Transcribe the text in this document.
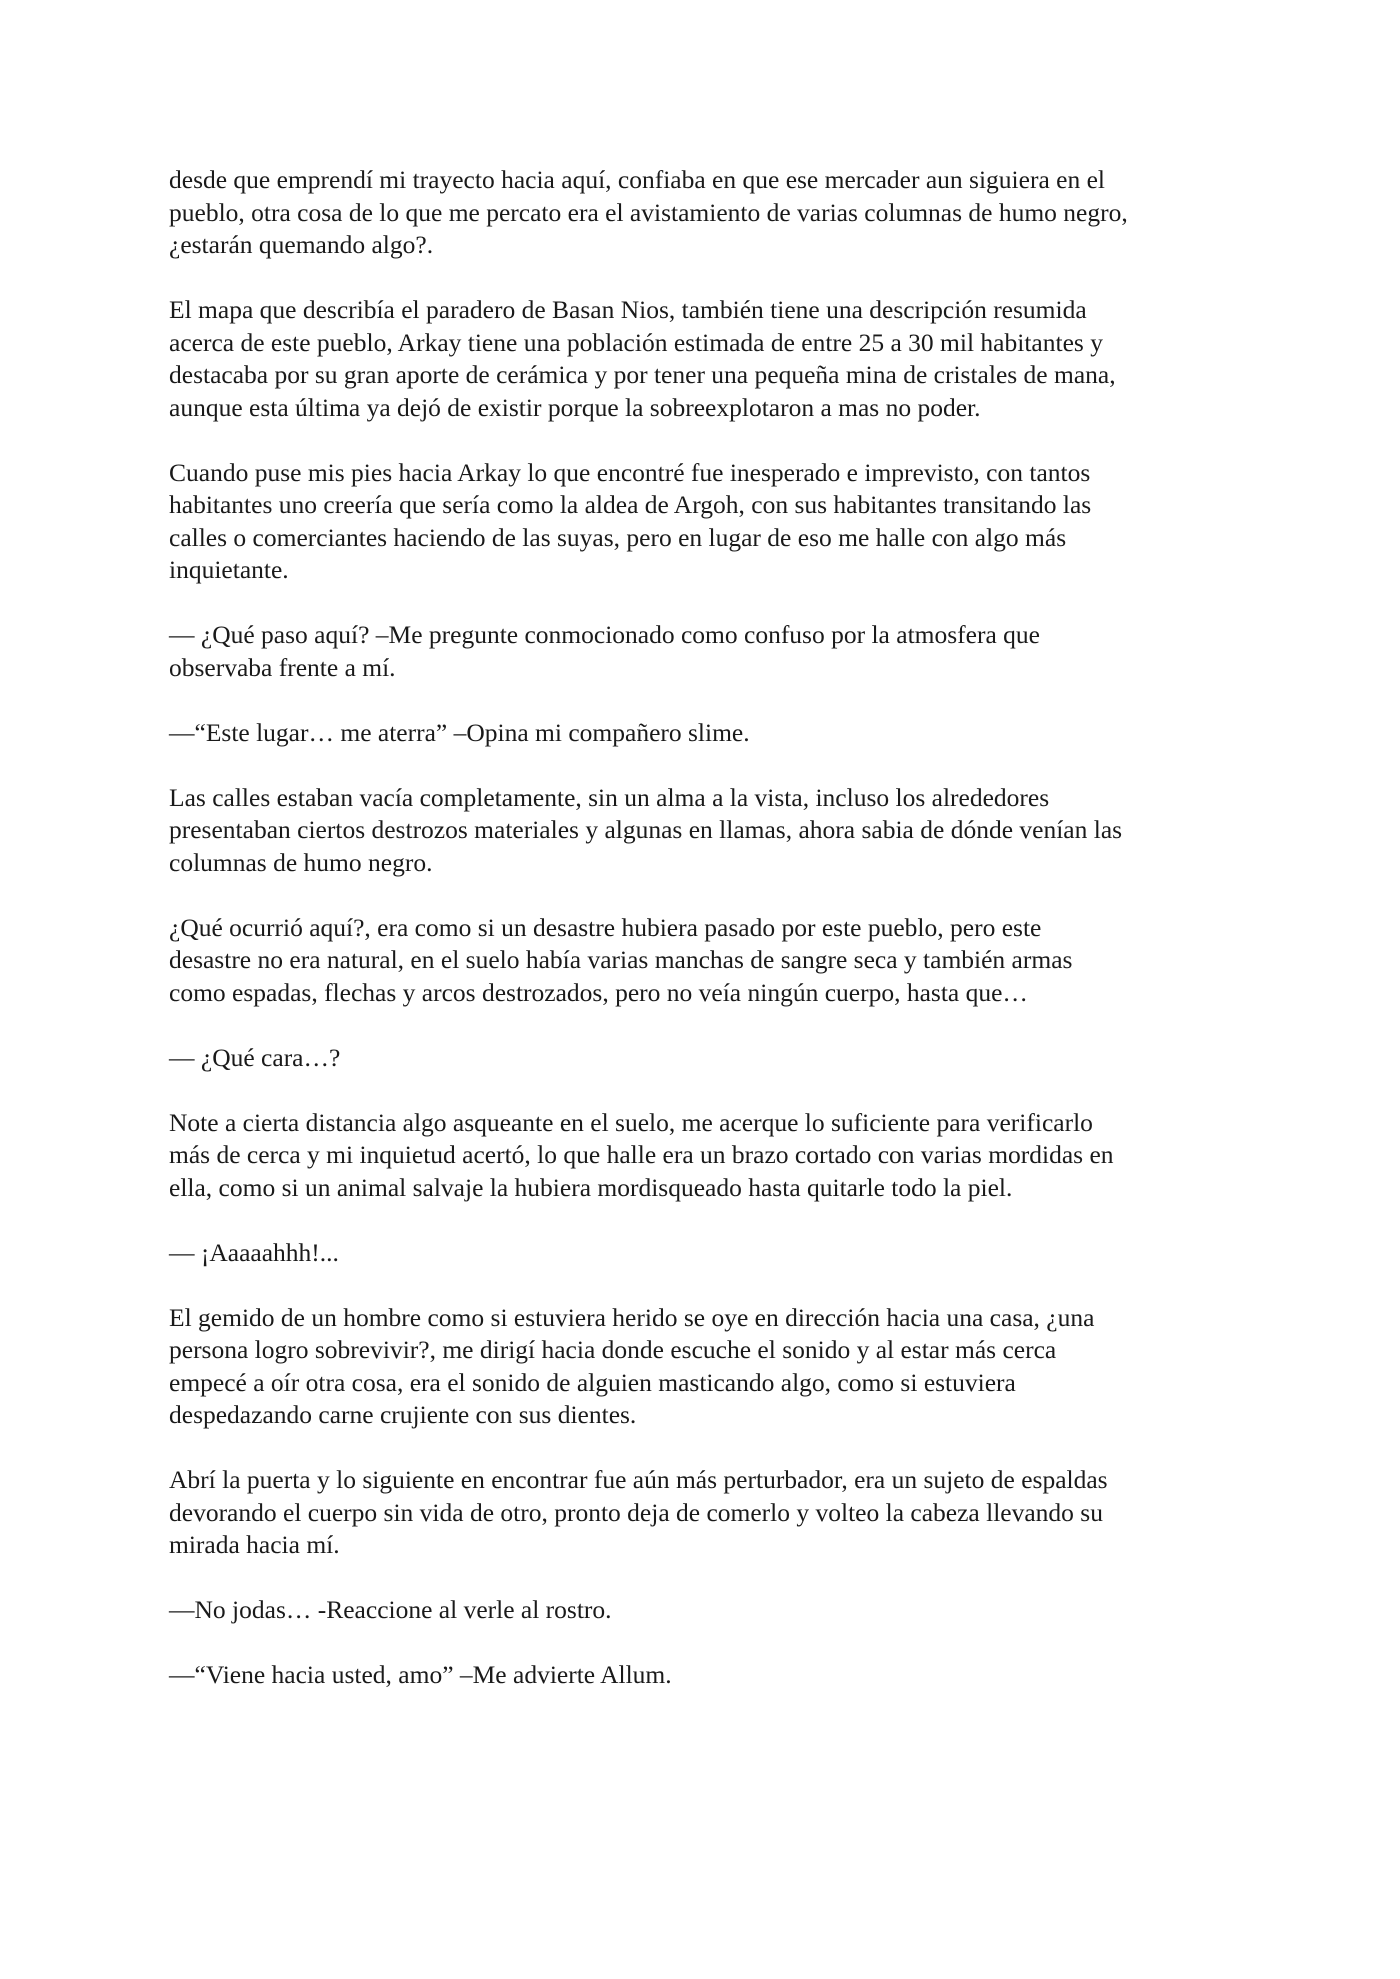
desde que emprendí mi trayecto hacia aquí, confiaba en que ese mercader aun siguiera en el
pueblo, otra cosa de lo que me percato era el avistamiento de varias columnas de humo negro,
¿estarán quemando algo?.

El mapa que describía el paradero de Basan Nios, también tiene una descripción resumida
acerca de este pueblo, Arkay tiene una población estimada de entre 25 a 30 mil habitantes y
destacaba por su gran aporte de cerámica y por tener una pequeña mina de cristales de mana,
aunque esta última ya dejó de existir porque la sobreexplotaron a mas no poder.

Cuando puse mis pies hacia Arkay lo que encontré fue inesperado e imprevisto, con tantos
habitantes uno creería que sería como la aldea de Argoh, con sus habitantes transitando las
calles o comerciantes haciendo de las suyas, pero en lugar de eso me halle con algo más
inquietante.

— ¿Qué paso aquí? –Me pregunte conmocionado como confuso por la atmosfera que
observaba frente a mí.

—“Este lugar… me aterra” –Opina mi compañero slime.

Las calles estaban vacía completamente, sin un alma a la vista, incluso los alrededores
presentaban ciertos destrozos materiales y algunas en llamas, ahora sabia de dónde venían las
columnas de humo negro.

¿Qué ocurrió aquí?, era como si un desastre hubiera pasado por este pueblo, pero este
desastre no era natural, en el suelo había varias manchas de sangre seca y también armas
como espadas, flechas y arcos destrozados, pero no veía ningún cuerpo, hasta que…

— ¿Qué cara…?

Note a cierta distancia algo asqueante en el suelo, me acerque lo suficiente para verificarlo
más de cerca y mi inquietud acertó, lo que halle era un brazo cortado con varias mordidas en
ella, como si un animal salvaje la hubiera mordisqueado hasta quitarle todo la piel.

— ¡Aaaaahhh!...

El gemido de un hombre como si estuviera herido se oye en dirección hacia una casa, ¿una
persona logro sobrevivir?, me dirigí hacia donde escuche el sonido y al estar más cerca
empecé a oír otra cosa, era el sonido de alguien masticando algo, como si estuviera
despedazando carne crujiente con sus dientes.

Abrí la puerta y lo siguiente en encontrar fue aún más perturbador, era un sujeto de espaldas
devorando el cuerpo sin vida de otro, pronto deja de comerlo y volteo la cabeza llevando su
mirada hacia mí.

—No jodas… -Reaccione al verle al rostro.

—“Viene hacia usted, amo” –Me advierte Allum.
